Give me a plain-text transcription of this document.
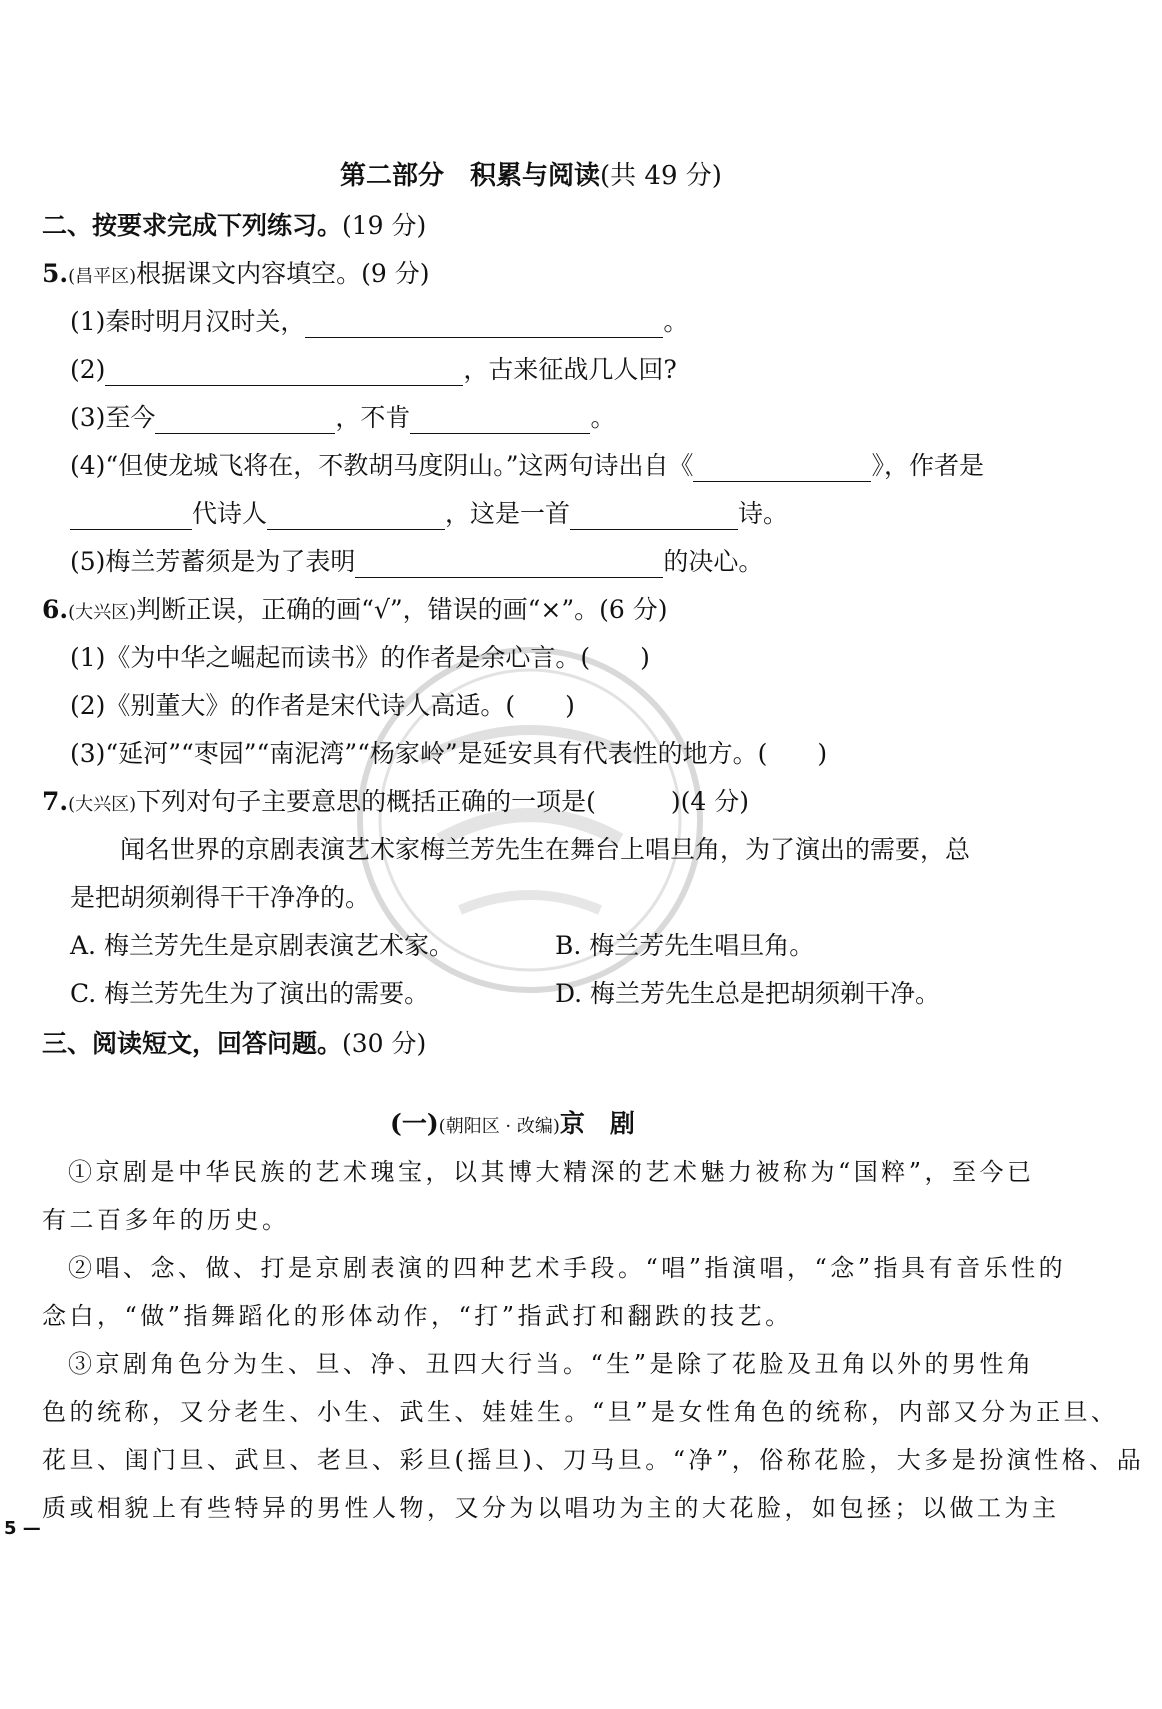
第二部分　积累与阅读(共 49 分)
二、按要求完成下列练习。(19 分)
5.(昌平区)根据课文内容填空。(9 分)
(1)秦时明月汉时关，	。
(2)	，古来征战几人回?
(3)至今	，不肯	。
(4)“但使龙城飞将在，不教胡马度阴山。”这两句诗出自《	》，作者是
代诗人	，这是一首	诗。
(5)梅兰芳蓄须是为了表明	的决心。
6.(大兴区)判断正误，正确的画“√”，错误的画“×”。(6 分)
(1)《为中华之崛起而读书》的作者是余心言。(　　)
(2)《别董大》的作者是宋代诗人高适。(　　)
(3)“延河”“枣园”“南泥湾”“杨家岭”是延安具有代表性的地方。(　　)
7.(大兴区)下列对句子主要意思的概括正确的一项是(　　　)(4 分)
闻名世界的京剧表演艺术家梅兰芳先生在舞台上唱旦角，为了演出的需要，总
是把胡须剃得干干净净的。
A. 梅兰芳先生是京剧表演艺术家。	B. 梅兰芳先生唱旦角。
C. 梅兰芳先生为了演出的需要。	D. 梅兰芳先生总是把胡须剃干净。
三、阅读短文，回答问题。(30 分)
(一)(朝阳区 · 改编)京　剧
①京剧是中华民族的艺术瑰宝，以其博大精深的艺术魅力被称为“国粹”，至今已
有二百多年的历史。
②唱、念、做、打是京剧表演的四种艺术手段。“唱”指演唱，“念”指具有音乐性的
念白，“做”指舞蹈化的形体动作，“打”指武打和翻跌的技艺。
③京剧角色分为生、旦、净、丑四大行当。“生”是除了花脸及丑角以外的男性角
色的统称，又分老生、小生、武生、娃娃生。“旦”是女性角色的统称，内部又分为正旦、
花旦、闺门旦、武旦、老旦、彩旦(摇旦)、刀马旦。“净”，俗称花脸，大多是扮演性格、品
质或相貌上有些特异的男性人物，又分为以唱功为主的大花脸，如包拯；以做工为主
5 —
